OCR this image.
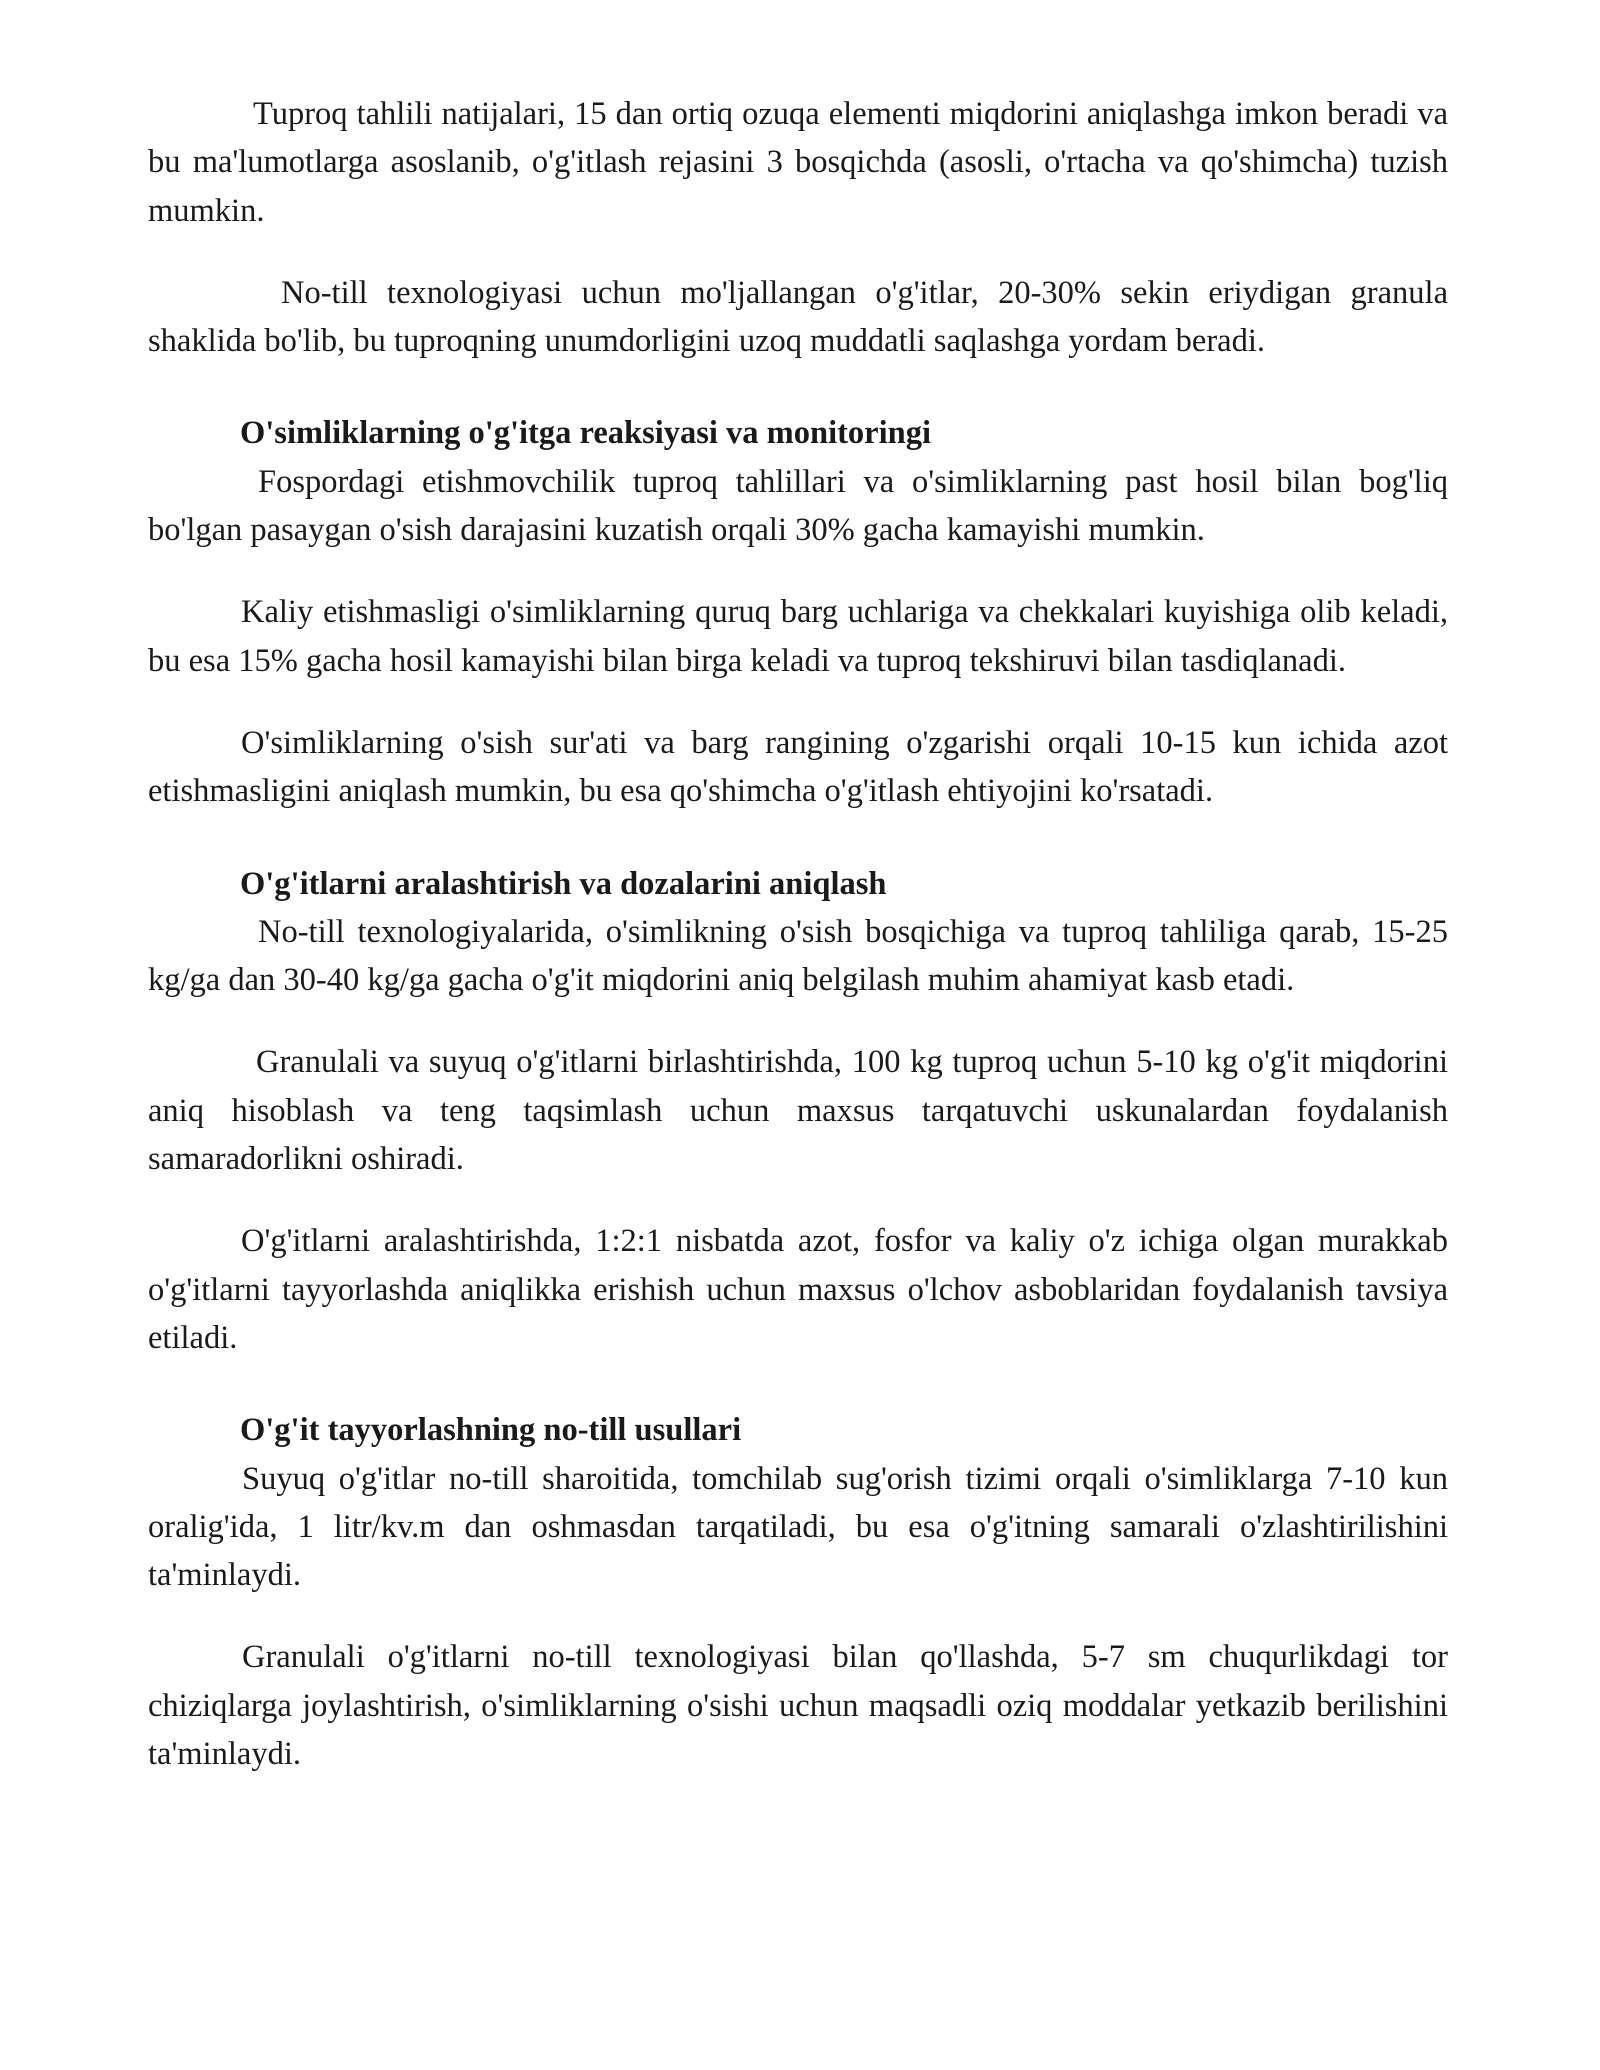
Tuproq tahlili natijalari, 15 dan ortiq ozuqa elementi miqdorini aniqlashga imkon beradi va bu ma'lumotlarga asoslanib, o'g'itlash rejasini 3 bosqichda (asosli, o'rtacha va qo'shimcha) tuzish mumkin.

No-till texnologiyasi uchun mo'ljallangan o'g'itlar, 20-30% sekin eriydigan granula shaklida bo'lib, bu tuproqning unumdorligini uzoq muddatli saqlashga yordam beradi.

O'simliklarning o'g'itga reaksiyasi va monitoringi

Fospordagi etishmovchilik tuproq tahlillari va o'simliklarning past hosil bilan bog'liq bo'lgan pasaygan o'sish darajasini kuzatish orqali 30% gacha kamayishi mumkin.

Kaliy etishmasligi o'simliklarning quruq barg uchlariga va chekkalari kuyishiga olib keladi, bu esa 15% gacha hosil kamayishi bilan birga keladi va tuproq tekshiruvi bilan tasdiqlanadi.

O'simliklarning o'sish sur'ati va barg rangining o'zgarishi orqali 10-15 kun ichida azot etishmasligini aniqlash mumkin, bu esa qo'shimcha o'g'itlash ehtiyojini ko'rsatadi.

O'g'itlarni aralashtirish va dozalarini aniqlash

No-till texnologiyalarida, o'simlikning o'sish bosqichiga va tuproq tahliliga qarab, 15-25 kg/ga dan 30-40 kg/ga gacha o'g'it miqdorini aniq belgilash muhim ahamiyat kasb etadi.

Granulali va suyuq o'g'itlarni birlashtirishda, 100 kg tuproq uchun 5-10 kg o'g'it miqdorini aniq hisoblash va teng taqsimlash uchun maxsus tarqatuvchi uskunalardan foydalanish samaradorlikni oshiradi.

O'g'itlarni aralashtirishda, 1:2:1 nisbatda azot, fosfor va kaliy o'z ichiga olgan murakkab o'g'itlarni tayyorlashda aniqlikka erishish uchun maxsus o'lchov asboblaridan foydalanish tavsiya etiladi.

O'g'it tayyorlashning no-till usullari

Suyuq o'g'itlar no-till sharoitida, tomchilab sug'orish tizimi orqali o'simliklarga 7-10 kun oralig'ida, 1 litr/kv.m dan oshmasdan tarqatiladi, bu esa o'g'itning samarali o'zlashtirilishini ta'minlaydi.

Granulali o'g'itlarni no-till texnologiyasi bilan qo'llashda, 5-7 sm chuqurlikdagi tor chiziqlarga joylashtirish, o'simliklarning o'sishi uchun maqsadli oziq moddalar yetkazib berilishini ta'minlaydi.
